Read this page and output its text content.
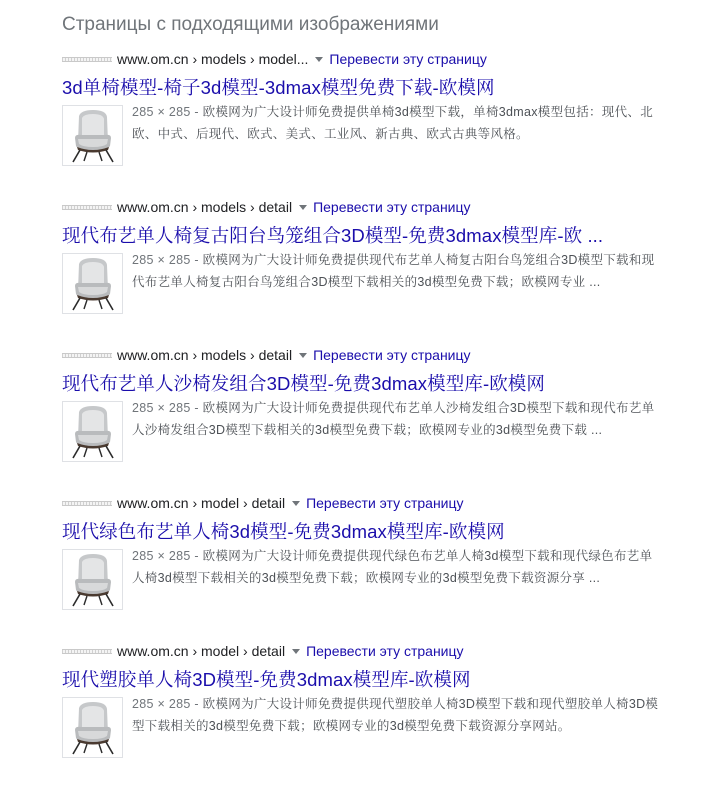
Страницы с подходящими изображениями
www.om.cn › models › model... Перевести эту страницу
3d单椅模型-椅子3d模型-3dmax模型免费下载-欧模网
285 × 285 - 欧模网为广大设计师免费提供单椅3d模型下载，单椅3dmax模型包括：现代、北欧、中式、后现代、欧式、美式、工业风、新古典、欧式古典等风格。
www.om.cn › models › detail Перевести эту страницу
现代布艺单人椅复古阳台鸟笼组合3D模型-免费3dmax模型库-欧 ...
285 × 285 - 欧模网为广大设计师免费提供现代布艺单人椅复古阳台鸟笼组合3D模型下载和现代布艺单人椅复古阳台鸟笼组合3D模型下载相关的3d模型免费下载；欧模网专业 ...
www.om.cn › models › detail Перевести эту страницу
现代布艺单人沙椅发组合3D模型-免费3dmax模型库-欧模网
285 × 285 - 欧模网为广大设计师免费提供现代布艺单人沙椅发组合3D模型下载和现代布艺单人沙椅发组合3D模型下载相关的3d模型免费下载；欧模网专业的3d模型免费下载 ...
www.om.cn › model › detail Перевести эту страницу
现代绿色布艺单人椅3d模型-免费3dmax模型库-欧模网
285 × 285 - 欧模网为广大设计师免费提供现代绿色布艺单人椅3d模型下载和现代绿色布艺单人椅3d模型下载相关的3d模型免费下载；欧模网专业的3d模型免费下载资源分享 ...
www.om.cn › model › detail Перевести эту страницу
现代塑胶单人椅3D模型-免费3dmax模型库-欧模网
285 × 285 - 欧模网为广大设计师免费提供现代塑胶单人椅3D模型下载和现代塑胶单人椅3D模型下载相关的3d模型免费下载；欧模网专业的3d模型免费下载资源分享网站。
